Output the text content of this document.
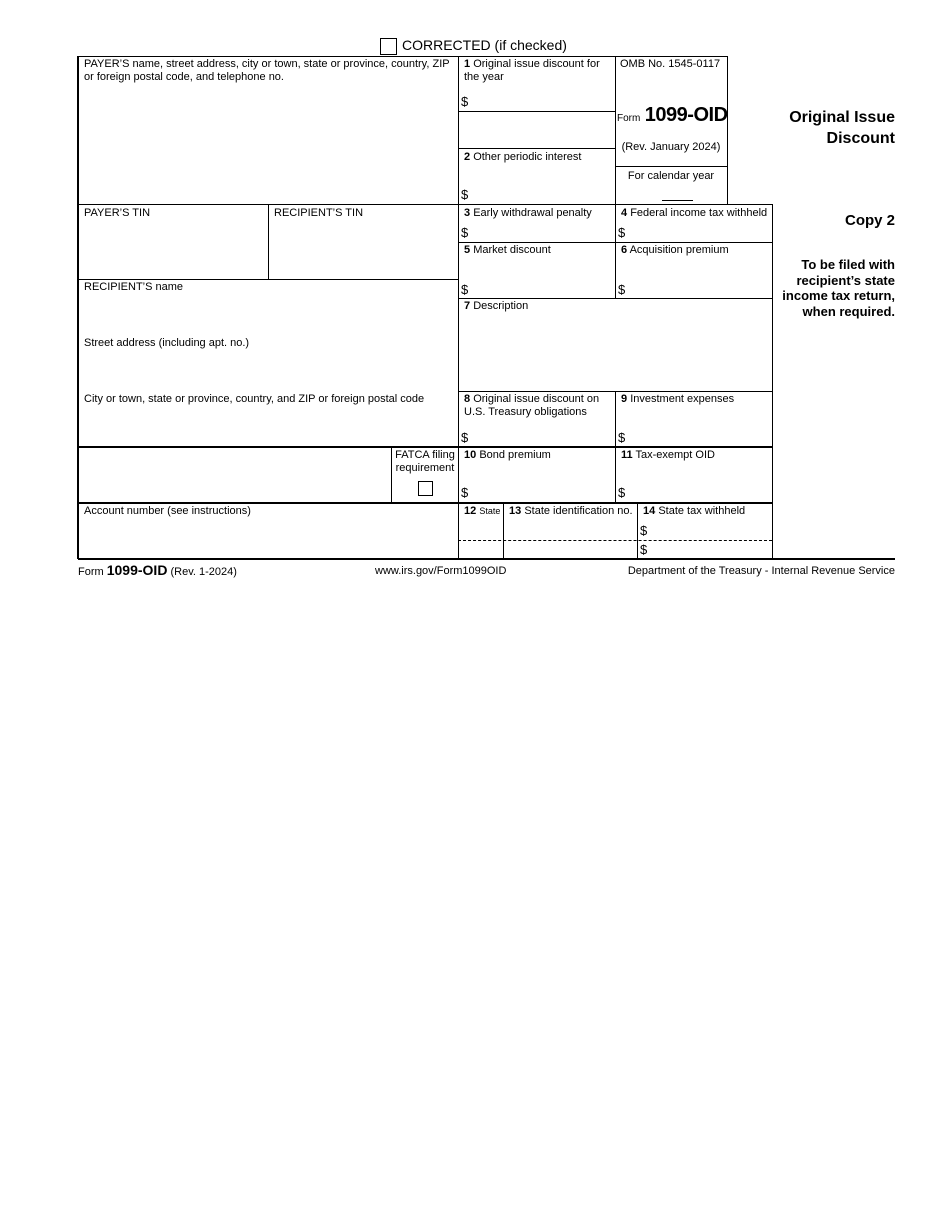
CORRECTED (if checked)
PAYER’S name, street address, city or town, state or province, country, ZIP or foreign postal code, and telephone no.
PAYER’S TIN	RECIPIENT’S TIN
RECIPIENT’S name
Street address (including apt. no.)
City or town, state or province, country, and ZIP or foreign postal code
FATCA filing requirement
Account number (see instructions)
1 Original issue discount for the year
$
2 Other periodic interest
$
OMB No. 1545-0117
Form 1099-OID
(Rev. January 2024)
For calendar year
Original Issue Discount
Copy 2
To be filed with recipient’s state income tax return, when required.
3 Early withdrawal penalty
$
4 Federal income tax withheld
$
5 Market discount
$
6 Acquisition premium
$
7 Description
8 Original issue discount on U.S. Treasury obligations
$
9 Investment expenses
$
10 Bond premium
$
11 Tax-exempt OID
$
12 State 13 State identification no. 14 State tax withheld
$
$
Form 1099-OID (Rev. 1-2024)	www.irs.gov/Form1099OID	Department of the Treasury - Internal Revenue Service
